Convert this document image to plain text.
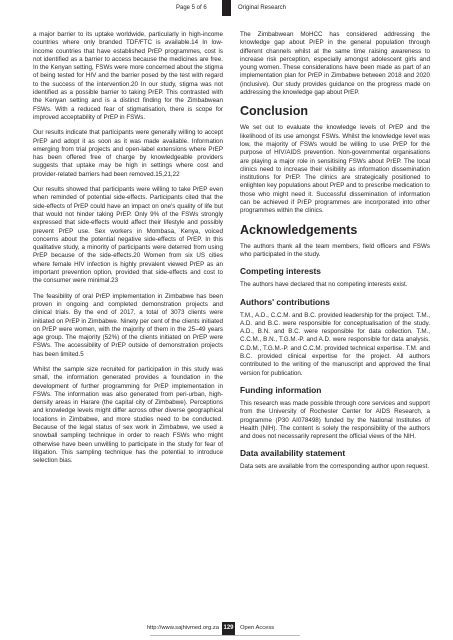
Page 5 of 6	Original Research

a major barrier to its uptake worldwide, particularly in high-income countries where only branded TDF/FTC is available.14 In low-income countries that have established PrEP programmes, cost is not identified as a barrier to access because the medicines are free. In the Kenyan setting, FSWs were more concerned about the stigma of being tested for HIV and the barrier posed by the test with regard to the success of the intervention.20 In our study, stigma was not identified as a possible barrier to taking PrEP. This contrasted with the Kenyan setting and is a distinct finding for the Zimbabwean FSWs. With a reduced fear of stigmatisation, there is scope for improved acceptability of PrEP in FSWs.

Our results indicate that participants were generally willing to accept PrEP and adopt it as soon as it was made available. Information emerging from trial projects and open-label extensions where PrEP has been offered free of charge by knowledgeable providers suggests that uptake may be high in settings where cost and provider-related barriers had been removed.15,21,22

Our results showed that participants were willing to take PrEP even when reminded of potential side-effects. Participants cited that the side-effects of PrEP could have an impact on one's quality of life but that would not hinder taking PrEP. Only 9% of the FSWs strongly expressed that side-effects would affect their lifestyle and possibly prevent PrEP use. Sex workers in Mombasa, Kenya, voiced concerns about the potential negative side-effects of PrEP. In this qualitative study, a minority of participants were deterred from using PrEP because of the side-effects.20 Women from six US cities where female HIV infection is highly prevalent viewed PrEP as an important prevention option, provided that side-effects and cost to the consumer were minimal.23

The feasibility of oral PrEP implementation in Zimbabwe has been proven in ongoing and completed demonstration projects and clinical trials. By the end of 2017, a total of 3073 clients were initiated on PrEP in Zimbabwe. Ninety per cent of the clients initiated on PrEP were women, with the majority of them in the 25–49 years age group. The majority (52%) of the clients initiated on PrEP were FSWs. The accessibility of PrEP outside of demonstration projects has been limited.5

Whilst the sample size recruited for participation in this study was small, the information generated provides a foundation in the development of further programming for PrEP implementation in FSWs. The information was also generated from peri-urban, high-density areas in Harare (the capital city of Zimbabwe). Perceptions and knowledge levels might differ across other diverse geographical locations in Zimbabwe, and more studies need to be conducted. Because of the legal status of sex work in Zimbabwe, we used a snowball sampling technique in order to reach FSWs who might otherwise have been unwilling to participate in the study for fear of litigation. This sampling technique has the potential to introduce selection bias.

The Zimbabwean MoHCC has considered addressing the knowledge gap about PrEP in the general population through different channels whilst at the same time raising awareness to increase risk perception, especially amongst adolescent girls and young women. These considerations have been made as part of an implementation plan for PrEP in Zimbabwe between 2018 and 2020 (inclusive). Our study provides guidance on the progress made on addressing the knowledge gap about PrEP.

Conclusion

We set out to evaluate the knowledge levels of PrEP and the likelihood of its use amongst FSWs. Whilst the knowledge level was low, the majority of FSWs would be willing to use PrEP for the purpose of HIV/AIDS prevention. Non-governmental organisations are playing a major role in sensitising FSWs about PrEP. The local clinics need to increase their visibility as information dissemination institutions for PrEP. The clinics are strategically positioned to enlighten key populations about PrEP and to prescribe medication to those who might need it. Successful dissemination of information can be achieved if PrEP programmes are incorporated into other programmes within the clinics.

Acknowledgements

The authors thank all the team members, field officers and FSWs who participated in the study.

Competing interests

The authors have declared that no competing interests exist.

Authors' contributions

T.M., A.D., C.C.M. and B.C. provided leadership for the project. T.M., A.D. and B.C. were responsible for conceptualisation of the study. A.D., B.N. and B.C. were responsible for data collection. T.M., C.C.M., B.N., T.G.M.-P. and A.D. were responsible for data analysis. C.D.M., T.G.M.-P. and C.C.M. provided technical expertise. T.M. and B.C. provided clinical expertise for the project. All authors contributed to the writing of the manuscript and approved the final version for publication.

Funding information

This research was made possible through core services and support from the University of Rochester Center for AIDS Research, a programme (P30 AI078498) funded by the National Institutes of Health (NIH). The content is solely the responsibility of the authors and does not necessarily represent the official views of the NIH.

Data availability statement

Data sets are available from the corresponding author upon request.

http://www.sajhivmed.org.za 129 Open Access
